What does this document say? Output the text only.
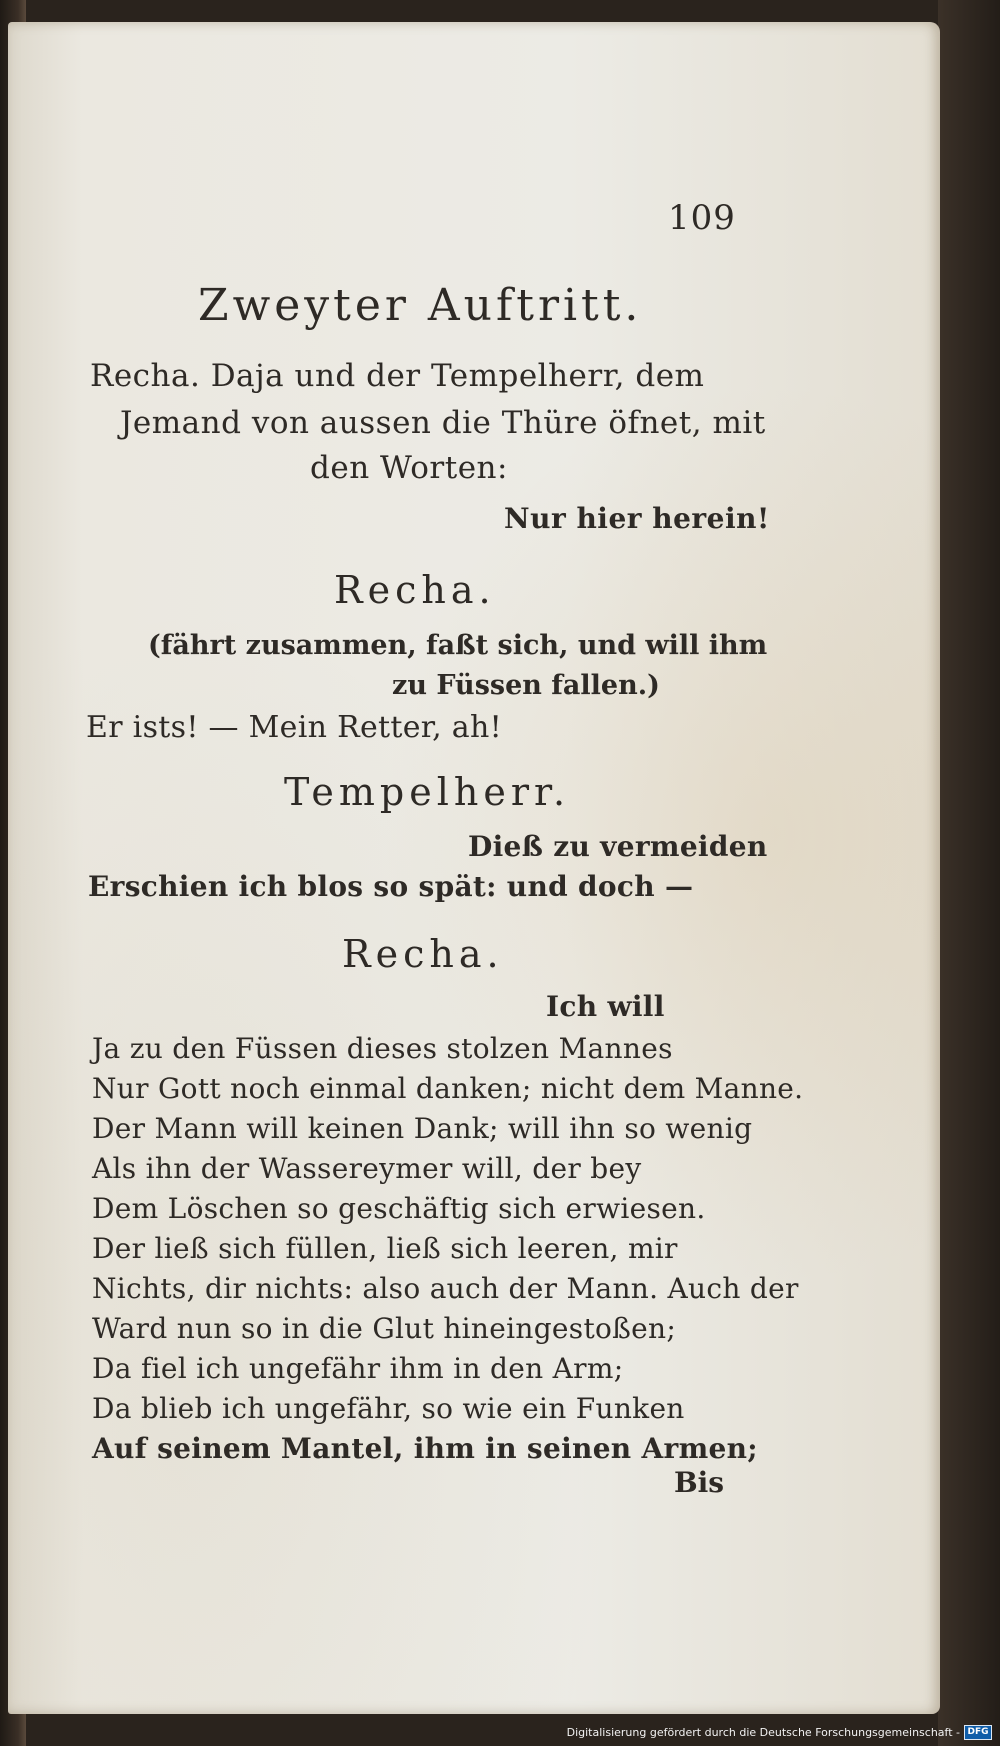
109
Zweyter Auftritt.
Recha. Daja und der Tempelherr, dem
Jemand von aussen die Thüre öfnet, mit
den Worten:
Nur hier herein!
Recha.
(fährt zusammen, faßt sich, und will ihm
zu Füssen fallen.)
Er ists! — Mein Retter, ah!
Tempelherr.
Dieß zu vermeiden
Erschien ich blos so spät: und doch —
Recha.
Ich will
Ja zu den Füssen dieses stolzen Mannes
Nur Gott noch einmal danken; nicht dem Manne.
Der Mann will keinen Dank; will ihn so wenig
Als ihn der Wassereymer will, der bey
Dem Löschen so geschäftig sich erwiesen.
Der ließ sich füllen, ließ sich leeren, mir
Nichts, dir nichts: also auch der Mann. Auch der
Ward nun so in die Glut hineingestoßen;
Da fiel ich ungefähr ihm in den Arm;
Da blieb ich ungefähr, so wie ein Funken
Auf seinem Mantel, ihm in seinen Armen;
Bis
Digitalisierung gefördert durch die Deutsche Forschungsgemeinschaft - DFG
